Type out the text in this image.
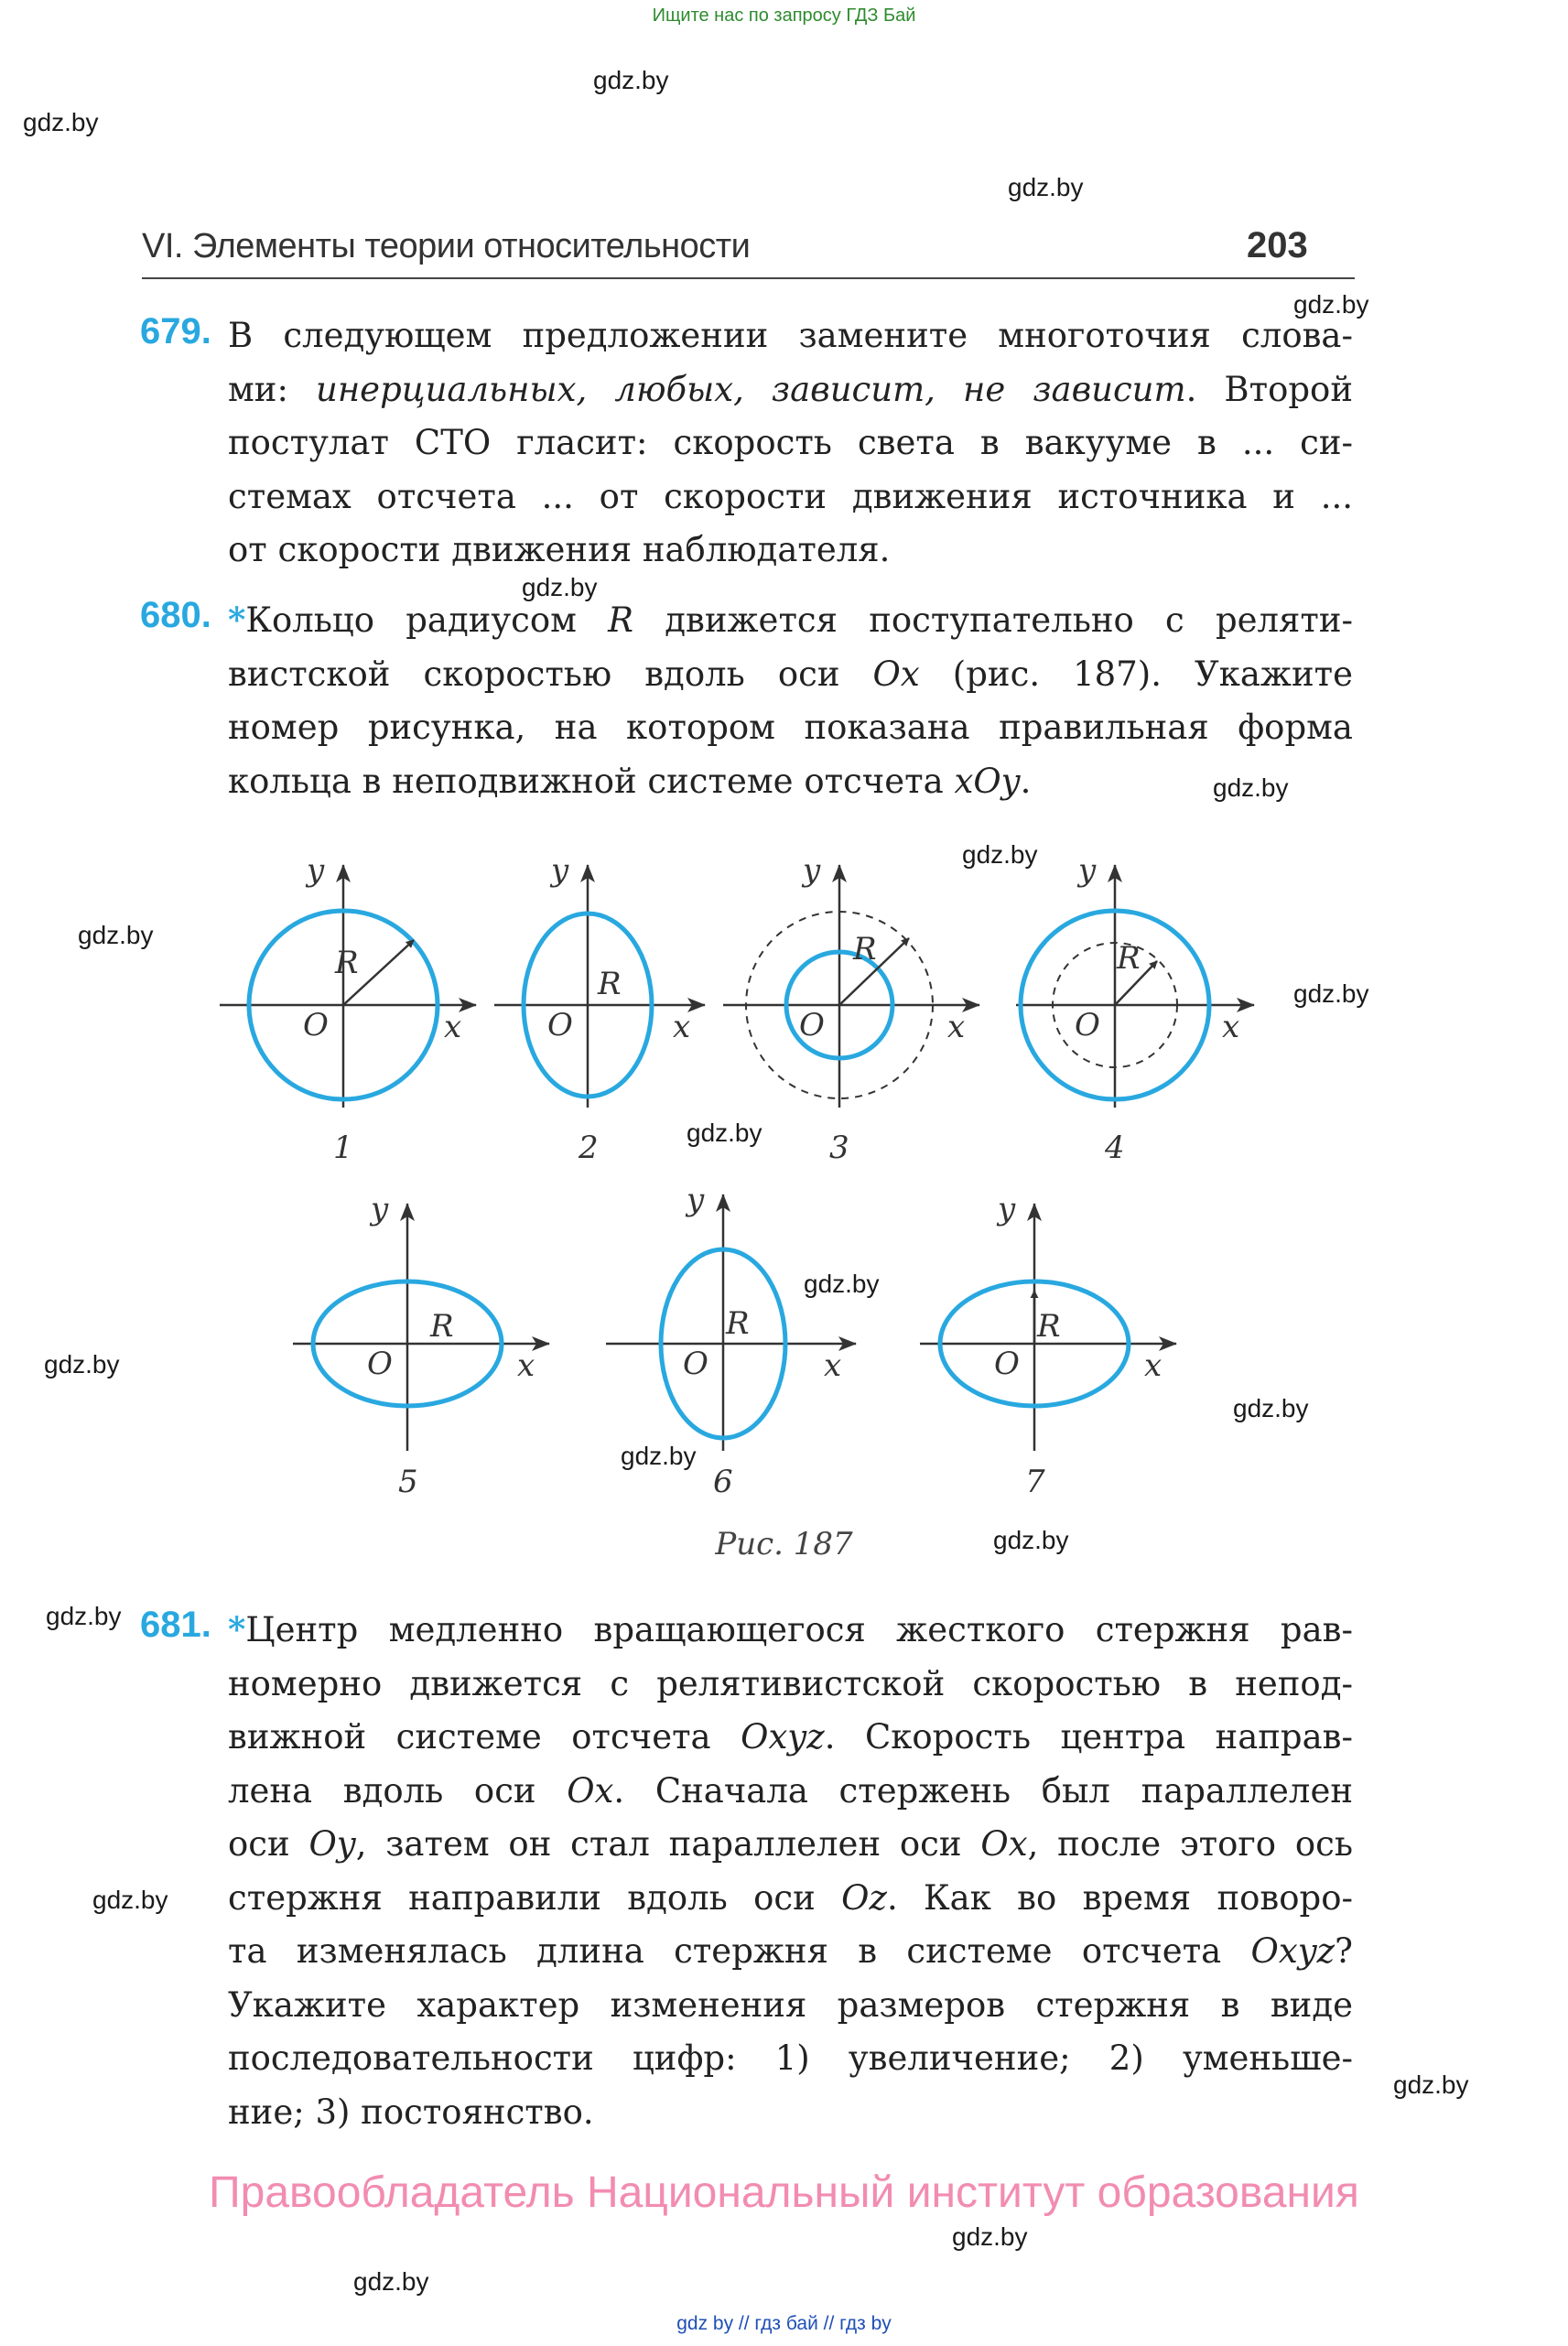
Ищите нас по запросу ГДЗ Бай
gdz.by
gdz.by
gdz.by
gdz.by
gdz.by
gdz.by
gdz.by
gdz.by
gdz.by
gdz.by
gdz.by
gdz.by
gdz.by
gdz.by
gdz.by
gdz.by
gdz.by
gdz.by
gdz.by
gdz.by
VI. Элементы теории относительности	203
679. В следующем предложении замените многоточия слова-
ми: инерциальных, любых, зависит, не зависит. Второй
постулат СТО гласит: скорость света в вакууме в ... си-
стемах отсчета ... от скорости движения источника и ...
от скорости движения наблюдателя.
680. *Кольцо радиусом R движется поступательно с реляти-
вистской скоростью вдоль оси Ox (рис. 187). Укажите
номер рисунка, на котором показана правильная форма
кольца в неподвижной системе отсчета xOy.
O	x
y
R
1
O	x
y
R
2
O	x
y
R
3
O	x
y
R
4
O	x
y
R
5
O	x
y
R
6
O	x
y
R
7
Рис. 187
681. *Центр медленно вращающегося жесткого стержня рав-
номерно движется с релятивистской скоростью в непод-
вижной системе отсчета Oxyz. Скорость центра направ-
лена вдоль оси Ox. Сначала стержень был параллелен
оси Oy, затем он стал параллелен оси Ox, после этого ось
стержня направили вдоль оси Oz. Как во время поворо-
та изменялась длина стержня в системе отсчета Oxyz?
Укажите характер изменения размеров стержня в виде
последовательности цифр: 1) увеличение; 2) уменьше-
ние; 3) постоянство.
Правообладатель Национальный институт образования
gdz by // гдз бай // гдз by
